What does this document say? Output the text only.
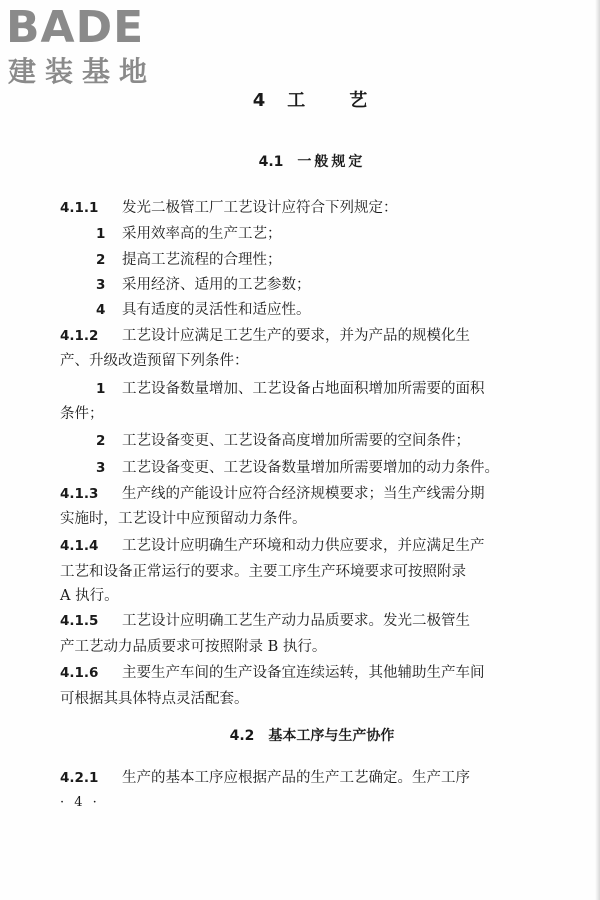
BADE
建装基地
4 工 艺
4.1 一般规定
4.1.1 发光二极管工厂工艺设计应符合下列规定：
1 采用效率高的生产工艺；
2 提高工艺流程的合理性；
3 采用经济、适用的工艺参数；
4 具有适度的灵活性和适应性。
4.1.2 工艺设计应满足工艺生产的要求，并为产品的规模化生
产、升级改造预留下列条件：
1 工艺设备数量增加、工艺设备占地面积增加所需要的面积
条件；
2 工艺设备变更、工艺设备高度增加所需要的空间条件；
3 工艺设备变更、工艺设备数量增加所需要增加的动力条件。
4.1.3 生产线的产能设计应符合经济规模要求；当生产线需分期
实施时，工艺设计中应预留动力条件。
4.1.4 工艺设计应明确生产环境和动力供应要求，并应满足生产
工艺和设备正常运行的要求。主要工序生产环境要求可按照附录
A 执行。
4.1.5 工艺设计应明确工艺生产动力品质要求。发光二极管生
产工艺动力品质要求可按照附录 B 执行。
4.1.6 主要生产车间的生产设备宜连续运转，其他辅助生产车间
可根据其具体特点灵活配套。
4.2 基本工序与生产协作
4.2.1 生产的基本工序应根据产品的生产工艺确定。生产工序
· 4 ·
